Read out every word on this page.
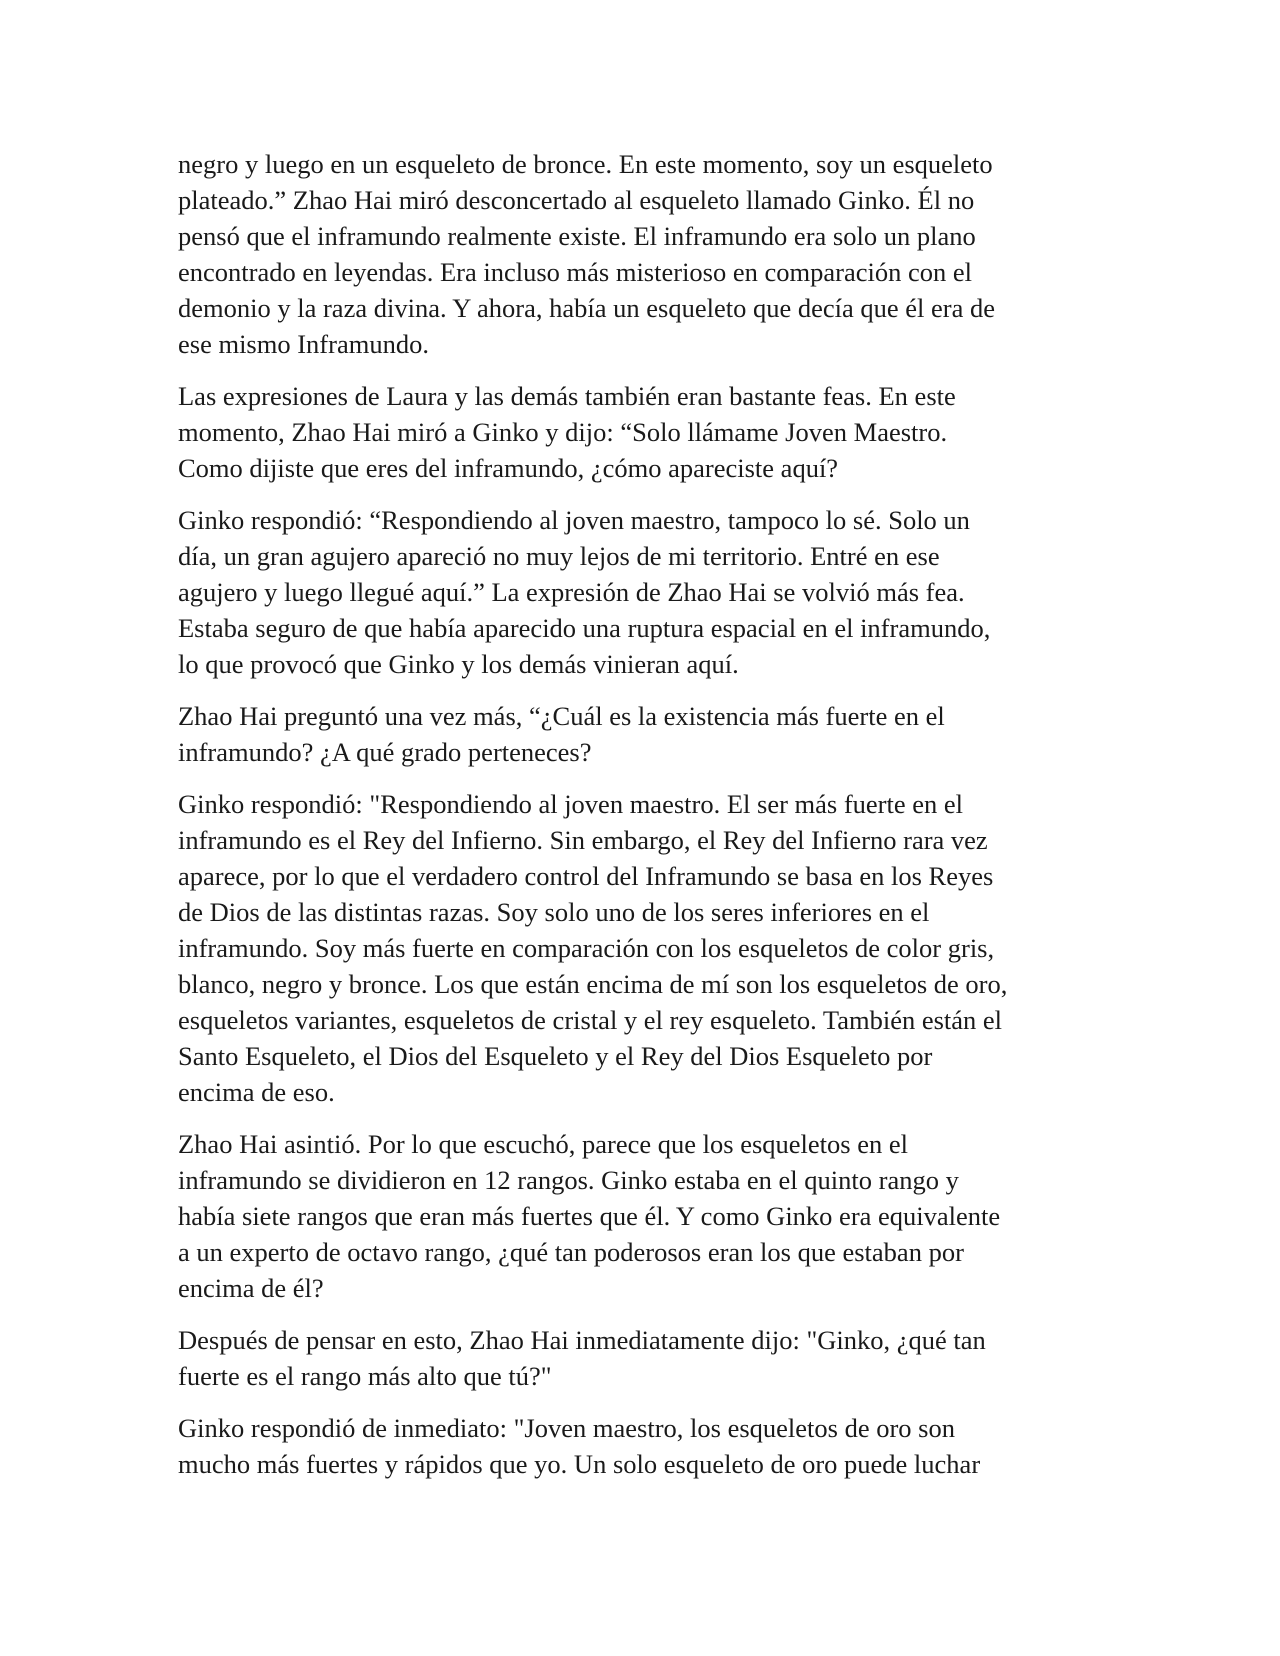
negro y luego en un esqueleto de bronce. En este momento, soy un esqueleto
plateado.” Zhao Hai miró desconcertado al esqueleto llamado Ginko. Él no
pensó que el inframundo realmente existe. El inframundo era solo un plano
encontrado en leyendas. Era incluso más misterioso en comparación con el
demonio y la raza divina. Y ahora, había un esqueleto que decía que él era de
ese mismo Inframundo.

Las expresiones de Laura y las demás también eran bastante feas. En este
momento, Zhao Hai miró a Ginko y dijo: “Solo llámame Joven Maestro.
Como dijiste que eres del inframundo, ¿cómo apareciste aquí?

Ginko respondió: “Respondiendo al joven maestro, tampoco lo sé. Solo un
día, un gran agujero apareció no muy lejos de mi territorio. Entré en ese
agujero y luego llegué aquí.” La expresión de Zhao Hai se volvió más fea.
Estaba seguro de que había aparecido una ruptura espacial en el inframundo,
lo que provocó que Ginko y los demás vinieran aquí.

Zhao Hai preguntó una vez más, “¿Cuál es la existencia más fuerte en el
inframundo? ¿A qué grado perteneces?

Ginko respondió: "Respondiendo al joven maestro. El ser más fuerte en el
inframundo es el Rey del Infierno. Sin embargo, el Rey del Infierno rara vez
aparece, por lo que el verdadero control del Inframundo se basa en los Reyes
de Dios de las distintas razas. Soy solo uno de los seres inferiores en el
inframundo. Soy más fuerte en comparación con los esqueletos de color gris,
blanco, negro y bronce. Los que están encima de mí son los esqueletos de oro,
esqueletos variantes, esqueletos de cristal y el rey esqueleto. También están el
Santo Esqueleto, el Dios del Esqueleto y el Rey del Dios Esqueleto por
encima de eso.

Zhao Hai asintió. Por lo que escuchó, parece que los esqueletos en el
inframundo se dividieron en 12 rangos. Ginko estaba en el quinto rango y
había siete rangos que eran más fuertes que él. Y como Ginko era equivalente
a un experto de octavo rango, ¿qué tan poderosos eran los que estaban por
encima de él?

Después de pensar en esto, Zhao Hai inmediatamente dijo: "Ginko, ¿qué tan
fuerte es el rango más alto que tú?"

Ginko respondió de inmediato: "Joven maestro, los esqueletos de oro son
mucho más fuertes y rápidos que yo. Un solo esqueleto de oro puede luchar
